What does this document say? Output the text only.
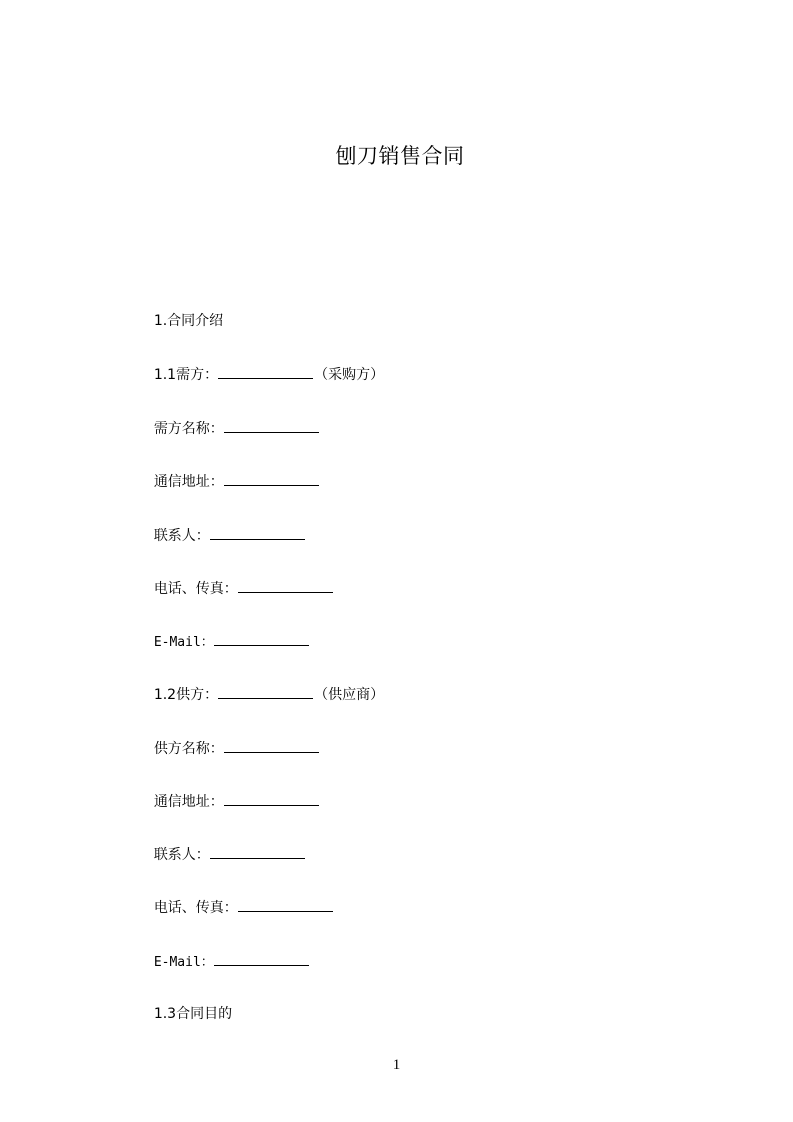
刨刀销售合同

1.合同介绍

1.1需方：	（采购方）

需方名称：

通信地址：

联系人：

电话、传真：

E-Mail：

1.2供方：	（供应商）

供方名称：

通信地址：

联系人：

电话、传真：

E-Mail：

1.3合同目的

1
